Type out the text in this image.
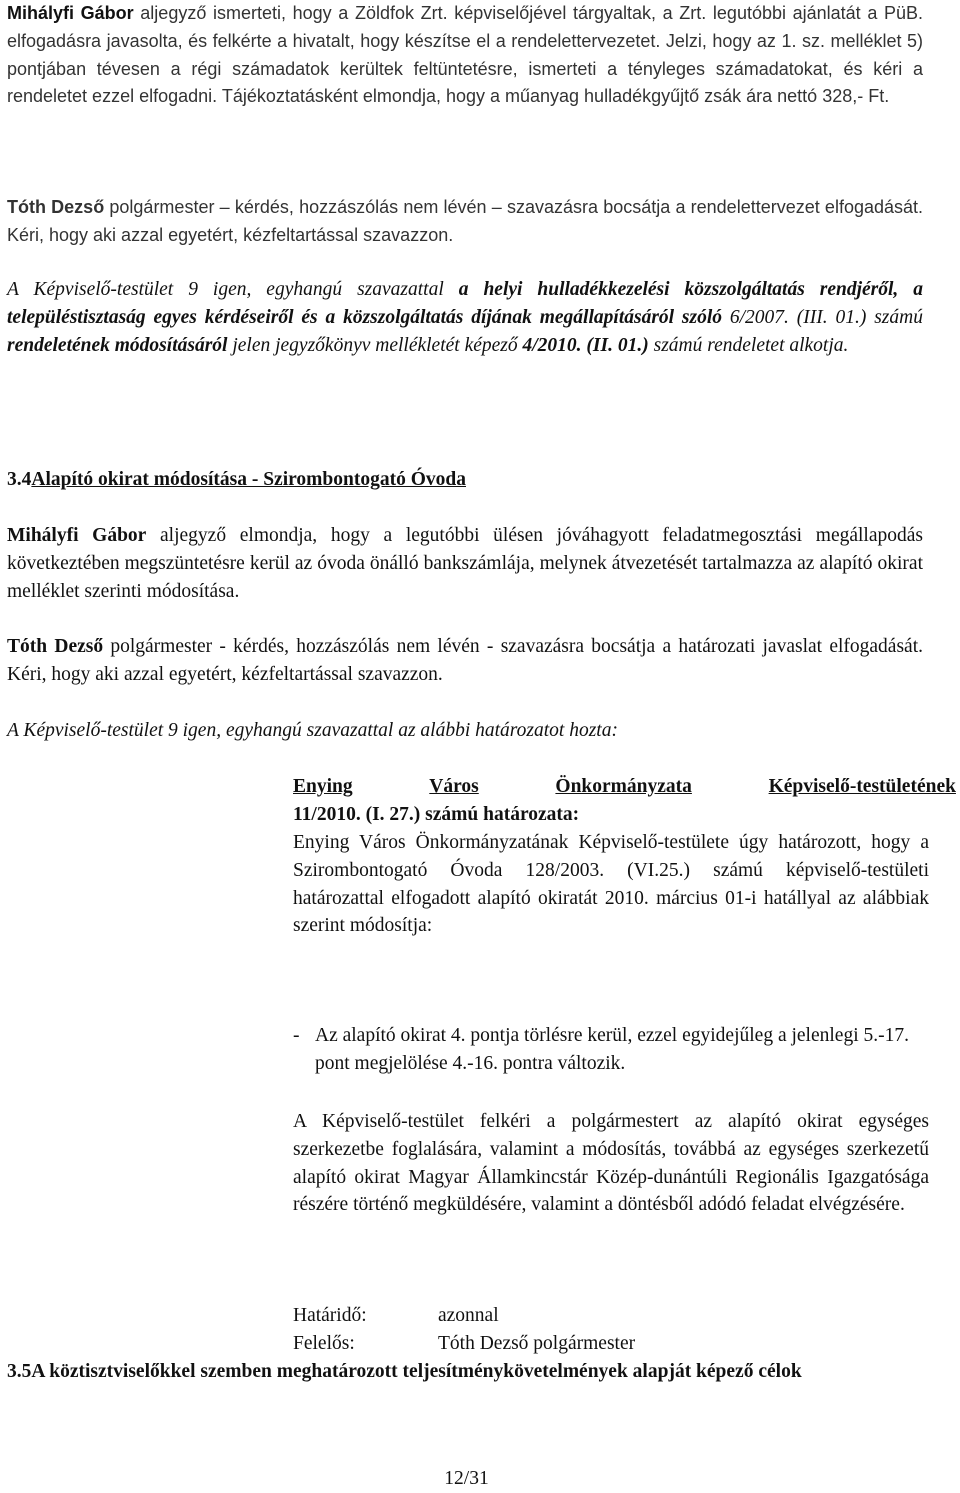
Mihályfi Gábor aljegyző ismerteti, hogy a Zöldfok Zrt. képviselőjével tárgyaltak, a Zrt. legutóbbi ajánlatát a PüB. elfogadásra javasolta, és felkérte a hivatalt, hogy készítse el a rendelettervezetet. Jelzi, hogy az 1. sz. melléklet 5) pontjában tévesen a régi számadatok kerültek feltüntetésre, ismerteti a tényleges számadatokat, és kéri a rendeletet ezzel elfogadni. Tájékoztatásként elmondja, hogy a műanyag hulladékgyűjtő zsák ára nettó 328,- Ft.

Tóth Dezső polgármester – kérdés, hozzászólás nem lévén – szavazásra bocsátja a rendelettervezet elfogadását. Kéri, hogy aki azzal egyetért, kézfeltartással szavazzon.

A Képviselő-testület 9 igen, egyhangú szavazattal a helyi hulladékkezelési közszolgáltatás rendjéről, a településtisztaság egyes kérdéseiről és a közszolgáltatás díjának megállapításáról szóló 6/2007. (III. 01.) számú rendeletének módosításáról jelen jegyzőkönyv mellékletét képező 4/2010. (II. 01.) számú rendeletet alkotja.

3.4Alapító okirat módosítása - Szirombontogató Óvoda

Mihályfi Gábor aljegyző elmondja, hogy a legutóbbi ülésen jóváhagyott feladatmegosztási megállapodás következtében megszüntetésre kerül az óvoda önálló bankszámlája, melynek átvezetését tartalmazza az alapító okirat melléklet szerinti módosítása.

Tóth Dezső polgármester - kérdés, hozzászólás nem lévén - szavazásra bocsátja a határozati javaslat elfogadását. Kéri, hogy aki azzal egyetért, kézfeltartással szavazzon.

A Képviselő-testület 9 igen, egyhangú szavazattal az alábbi határozatot hozta:

Enying	Város	Önkormányzata	Képviselő-testületének
11/2010. (I. 27.) számú határozata:

Enying Város Önkormányzatának Képviselő-testülete úgy határozott, hogy a Szirombontogató Óvoda 128/2003. (VI.25.) számú képviselő-testületi határozattal elfogadott alapító okiratát 2010. március 01-i hatállyal az alábbiak szerint módosítja:

- Az alapító okirat 4. pontja törlésre kerül, ezzel egyidejűleg a jelenlegi 5.-17. pont megjelölése 4.-16. pontra változik.

A Képviselő-testület felkéri a polgármestert az alapító okirat egységes szerkezetbe foglalására, valamint a módosítás, továbbá az egységes szerkezetű alapító okirat Magyar Államkincstár Közép-dunántúli Regionális Igazgatósága részére történő megküldésére, valamint a döntésből adódó feladat elvégzésére.

Határidő:	azonnal
Felelős:	Tóth Dezső polgármester

3.5A köztisztviselőkkel szemben meghatározott teljesítménykövetelmények alapját képező célok

12/31
